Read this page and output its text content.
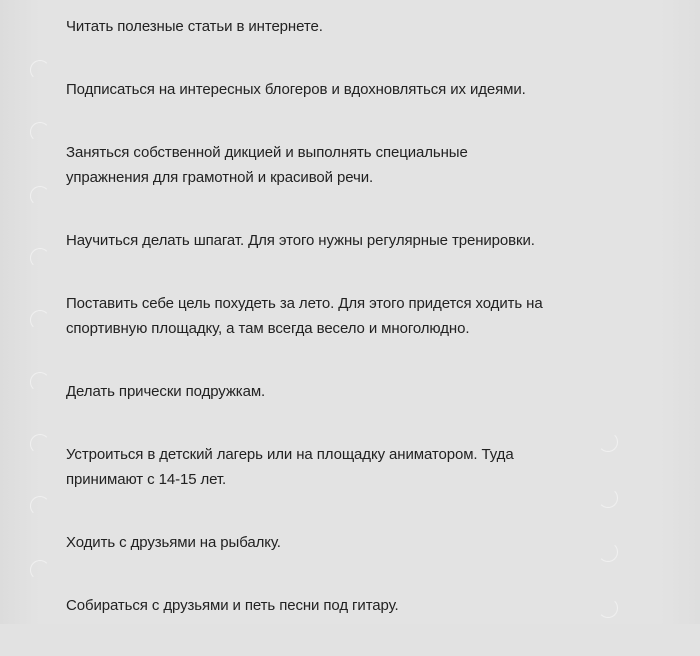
Читать полезные статьи в интернете.
Подписаться на интересных блогеров и вдохновляться их идеями.
Заняться собственной дикцией и выполнять специальные упражнения для грамотной и красивой речи.
Научиться делать шпагат. Для этого нужны регулярные тренировки.
Поставить себе цель похудеть за лето. Для этого придется ходить на спортивную площадку, а там всегда весело и многолюдно.
Делать прически подружкам.
Устроиться в детский лагерь или на площадку аниматором. Туда принимают с 14-15 лет.
Ходить с друзьями на рыбалку.
Собираться с друзьями и петь песни под гитару.
